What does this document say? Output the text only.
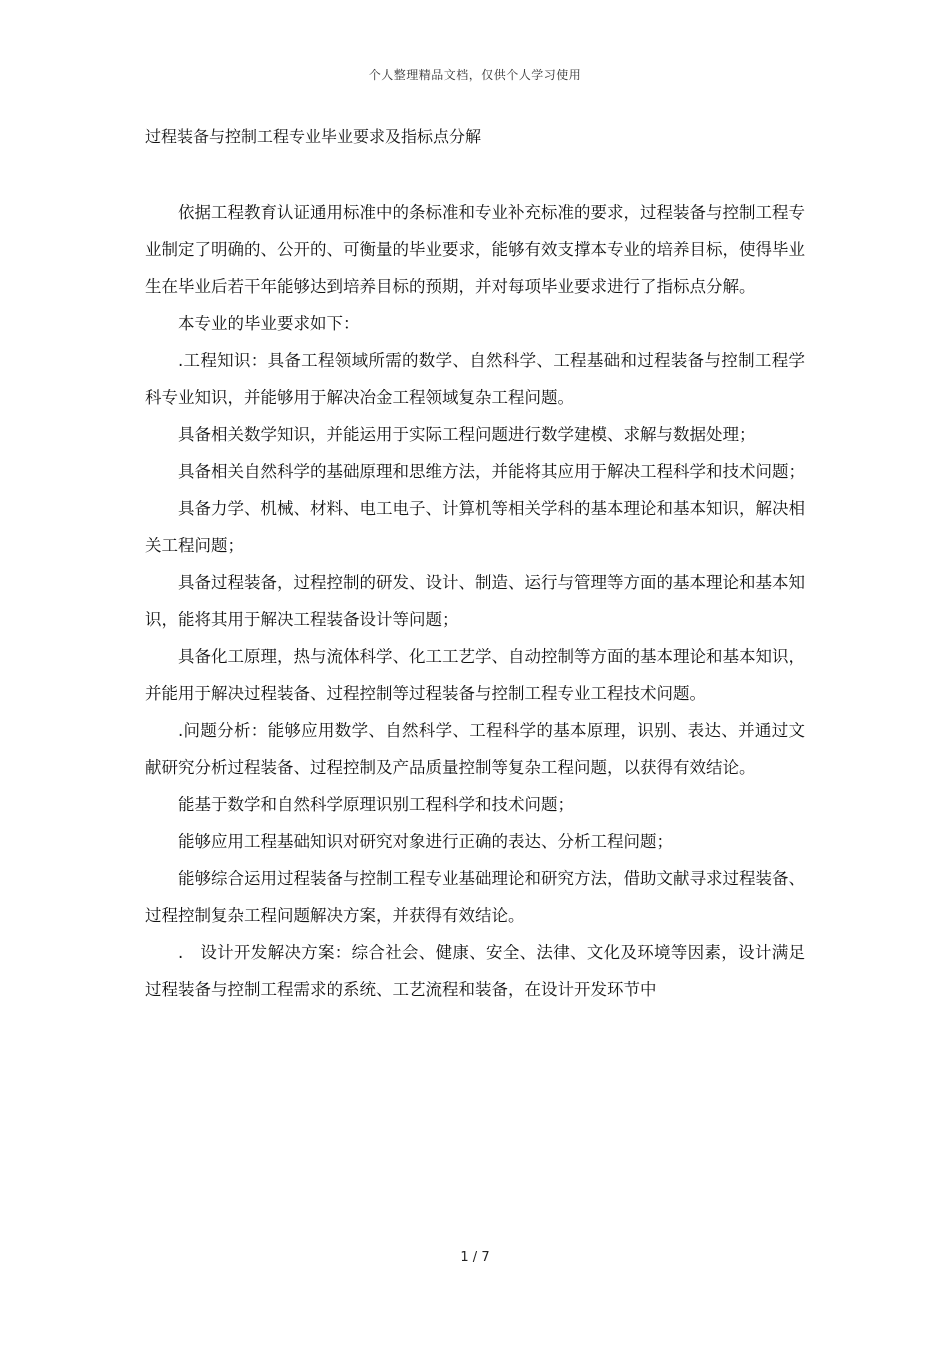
个人整理精品文档，仅供个人学习使用
过程装备与控制工程专业毕业要求及指标点分解

依据工程教育认证通用标准中的条标准和专业补充标准的要求，过程装备与控制工程专业制定了明确的、公开的、可衡量的毕业要求，能够有效支撑本专业的培养目标，使得毕业生在毕业后若干年能够达到培养目标的预期，并对每项毕业要求进行了指标点分解。

本专业的毕业要求如下：

.工程知识：具备工程领域所需的数学、自然科学、工程基础和过程装备与控制工程学科专业知识，并能够用于解决冶金工程领域复杂工程问题。

具备相关数学知识，并能运用于实际工程问题进行数学建模、求解与数据处理；

具备相关自然科学的基础原理和思维方法，并能将其应用于解决工程科学和技术问题；

具备力学、机械、材料、电工电子、计算机等相关学科的基本理论和基本知识，解决相关工程问题；

具备过程装备，过程控制的研发、设计、制造、运行与管理等方面的基本理论和基本知识，能将其用于解决工程装备设计等问题；

具备化工原理，热与流体科学、化工工艺学、自动控制等方面的基本理论和基本知识，并能用于解决过程装备、过程控制等过程装备与控制工程专业工程技术问题。

.问题分析：能够应用数学、自然科学、工程科学的基本原理，识别、表达、并通过文献研究分析过程装备、过程控制及产品质量控制等复杂工程问题，以获得有效结论。

能基于数学和自然科学原理识别工程科学和技术问题；

能够应用工程基础知识对研究对象进行正确的表达、分析工程问题；

能够综合运用过程装备与控制工程专业基础理论和研究方法，借助文献寻求过程装备、过程控制复杂工程问题解决方案，并获得有效结论。

.　设计开发解决方案：综合社会、健康、安全、法律、文化及环境等因素，设计满足过程装备与控制工程需求的系统、工艺流程和装备，在设计开发环节中

1 / 7
